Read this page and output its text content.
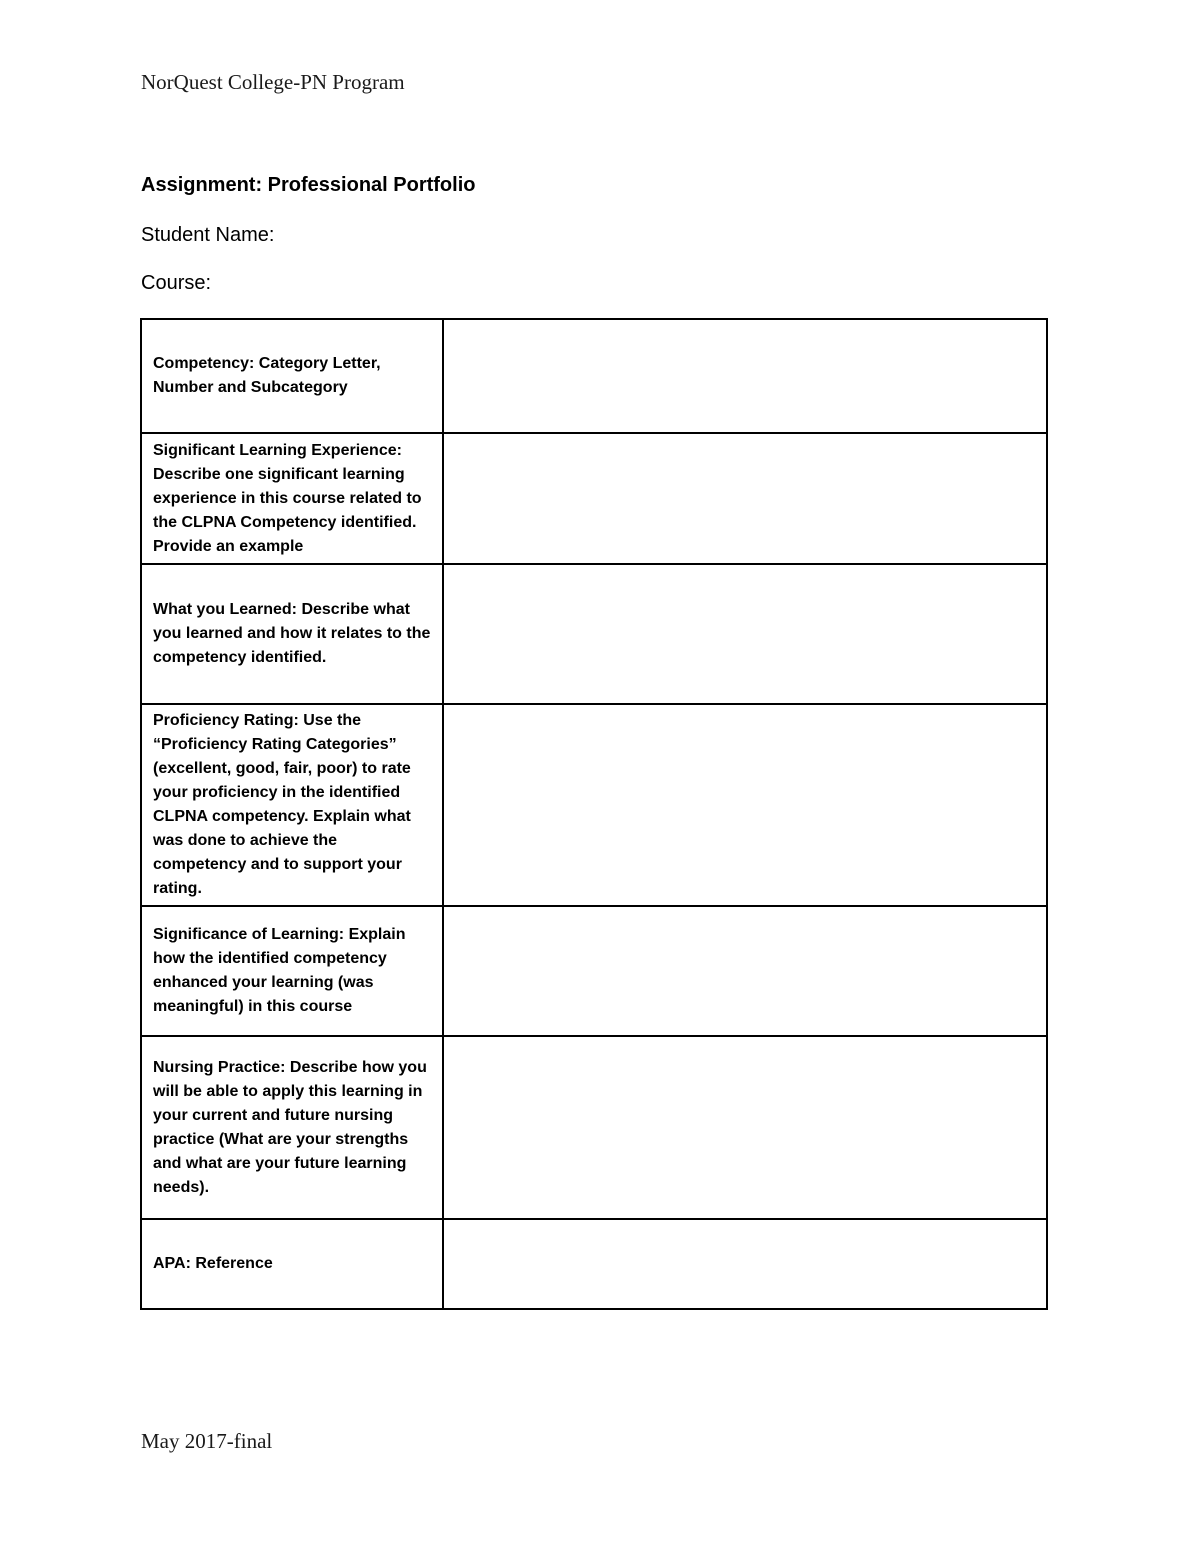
NorQuest College-PN Program
Assignment: Professional Portfolio
Student Name:
Course:
Competency: Category Letter, Number and Subcategory	

Significant Learning Experience: Describe one significant learning experience in this course related to the CLPNA Competency identified. Provide an example	

What you Learned: Describe what you learned and how it relates to the competency identified.	

Proficiency Rating: Use the “Proficiency Rating Categories” (excellent, good, fair, poor) to rate your proficiency in the identified CLPNA competency. Explain what was done to achieve the competency and to support your rating.	

Significance of Learning: Explain how the identified competency enhanced your learning (was meaningful) in this course	

Nursing Practice: Describe how you will be able to apply this learning in your current and future nursing practice (What are your strengths and what are your future learning needs).	

APA: Reference	

May 2017-final
